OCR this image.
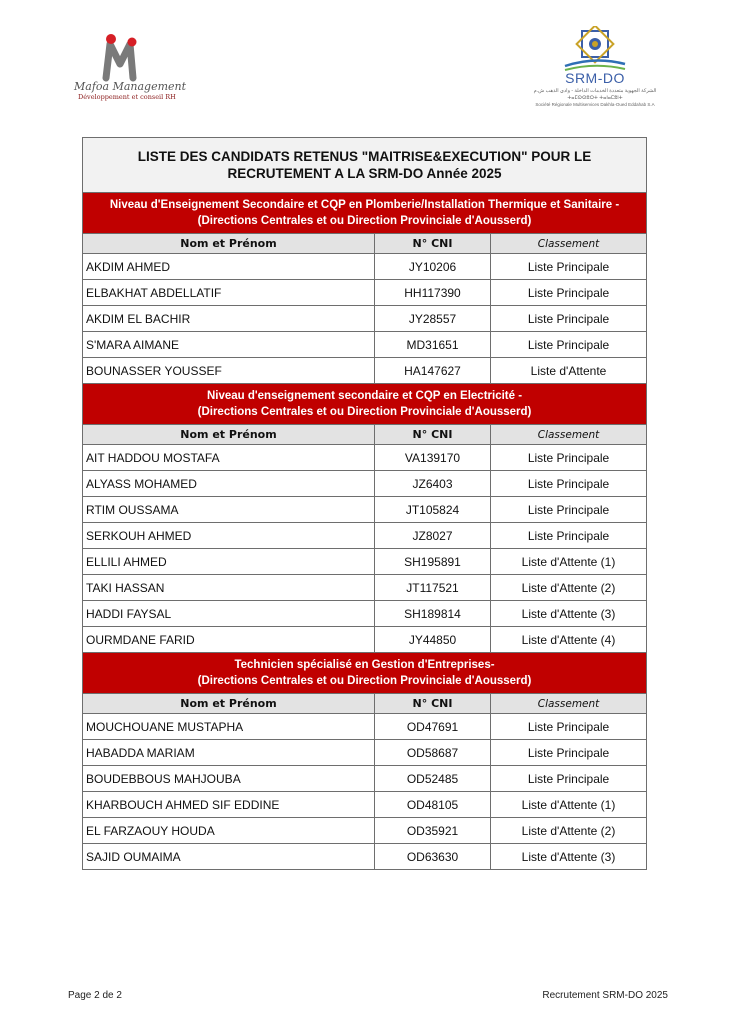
Mafoa Management
Développement et conseil RH
SRM-DO
الشركة الجهوية متعددة الخدمات الداخلة - وادي الذهب ش.م
ⵜⴰⵎⵙⵙⵓⵔⵜ ⵜⴰⵏⴰⵎⵓⵏⵜ
Société Régionale Multiservices Dakhla-Oued Eddahab S.A
LISTE DES CANDIDATS RETENUS "MAITRISE&EXECUTION" POUR LE
RECRUTEMENT A LA SRM-DO Année 2025		

Niveau d'Enseignement Secondaire et CQP en Plomberie/Installation Thermique et Sanitaire -
(Directions Centrales et ou Direction Provinciale d'Aousserd)		

Nom et Prénom	N° CNI	Classement
AKDIM AHMED	JY10206	Liste Principale
ELBAKHAT ABDELLATIF	HH117390	Liste Principale
AKDIM EL BACHIR	JY28557	Liste Principale
S'MARA AIMANE	MD31651	Liste Principale
BOUNASSER YOUSSEF	HA147627	Liste d'Attente

Niveau d'enseignement secondaire et CQP en Electricité -
(Directions Centrales et ou Direction Provinciale d'Aousserd)		

Nom et Prénom	N° CNI	Classement
AIT HADDOU MOSTAFA	VA139170	Liste Principale
ALYASS MOHAMED	JZ6403	Liste Principale
RTIM OUSSAMA	JT105824	Liste Principale
SERKOUH AHMED	JZ8027	Liste Principale
ELLILI AHMED	SH195891	Liste d'Attente (1)
TAKI HASSAN	JT117521	Liste d'Attente (2)
HADDI FAYSAL	SH189814	Liste d'Attente (3)
OURMDANE FARID	JY44850	Liste d'Attente (4)

Technicien spécialisé en Gestion d'Entreprises-
(Directions Centrales et ou Direction Provinciale d'Aousserd)		

Nom et Prénom	N° CNI	Classement
MOUCHOUANE MUSTAPHA	OD47691	Liste Principale
HABADDA MARIAM	OD58687	Liste Principale
BOUDEBBOUS MAHJOUBA	OD52485	Liste Principale
KHARBOUCH AHMED SIF EDDINE	OD48105	Liste d'Attente (1)
EL FARZAOUY HOUDA	OD35921	Liste d'Attente (2)
SAJID OUMAIMA	OD63630	Liste d'Attente (3)
Page 2 de 2	Recrutement SRM-DO 2025
